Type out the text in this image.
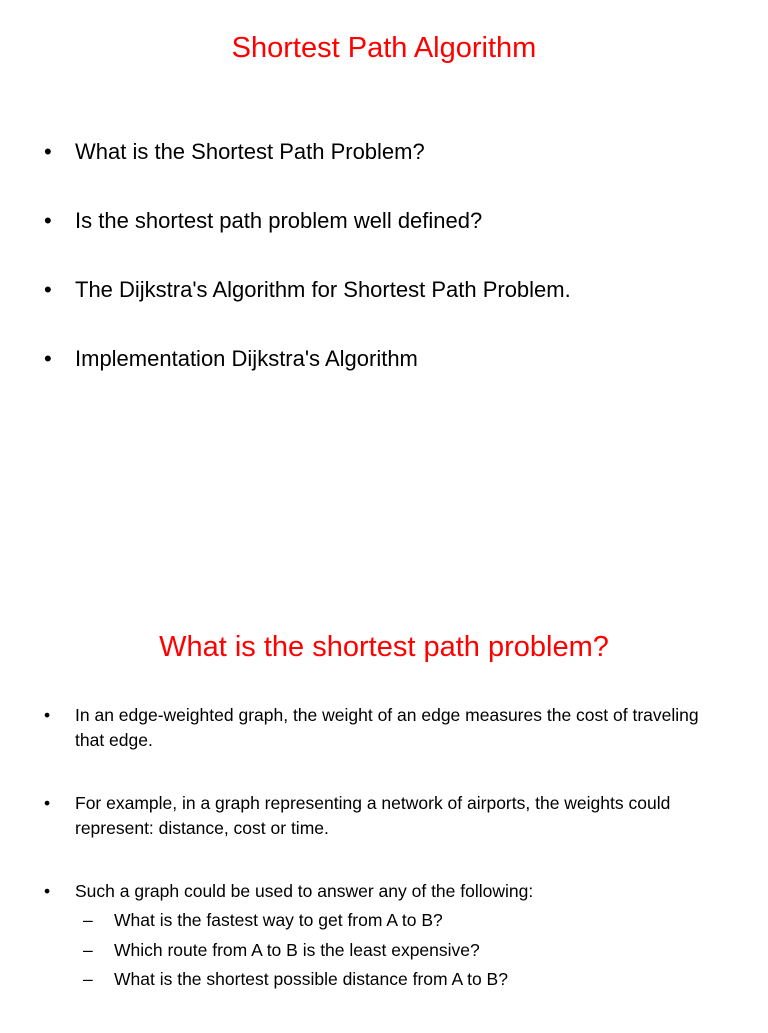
Shortest Path Algorithm
•	What is the Shortest Path Problem?
•	Is the shortest path problem well defined?
•	The Dijkstra's Algorithm for Shortest Path Problem.
•	Implementation Dijkstra's Algorithm
What is the shortest path problem?
•	In an edge-weighted graph, the weight of an edge measures the cost of traveling that edge.
•	For example, in a graph representing a network of airports, the weights could represent: distance, cost or time.
•	Such a graph could be used to answer any of the following:
–	What is the fastest way to get from A to B?
–	Which route from A to B is the least expensive?
–	What is the shortest possible distance from A to B?
